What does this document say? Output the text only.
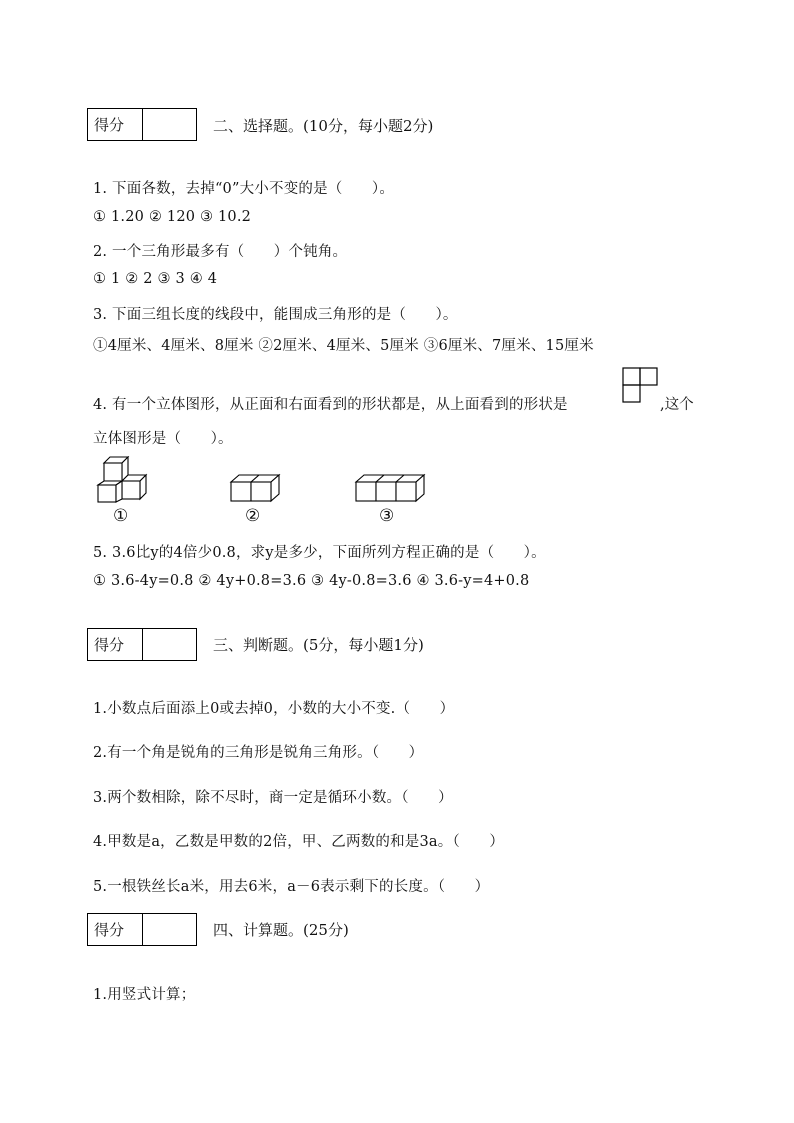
得分	二、选择题。(10分，每小题2分)
1. 下面各数，去掉“0”大小不变的是（　　）。
① 1.20 ② 120 ③ 10.2
2. 一个三角形最多有（　　）个钝角。
① 1 ② 2 ③ 3 ④ 4
3. 下面三组长度的线段中，能围成三角形的是（　　）。
①4厘米、4厘米、8厘米 ②2厘米、4厘米、5厘米 ③6厘米、7厘米、15厘米
4. 有一个立体图形，从正面和右面看到的形状都是，从上面看到的形状是	,这个
立体图形是（　　）。
①	②	③
5. 3.6比y的4倍少0.8，求y是多少，下面所列方程正确的是（　　）。
① 3.6-4y=0.8 ② 4y+0.8=3.6 ③ 4y-0.8=3.6 ④ 3.6-y=4+0.8
得分	三、判断题。(5分，每小题1分)
1.小数点后面添上0或去掉0，小数的大小不变.（　　）
2.有一个角是锐角的三角形是锐角三角形。（　　）
3.两个数相除，除不尽时，商一定是循环小数。（　　）
4.甲数是a，乙数是甲数的2倍，甲、乙两数的和是3a。（　　）
5.一根铁丝长a米，用去6米，a－6表示剩下的长度。（　　）
得分	四、计算题。(25分)
1.用竖式计算；
